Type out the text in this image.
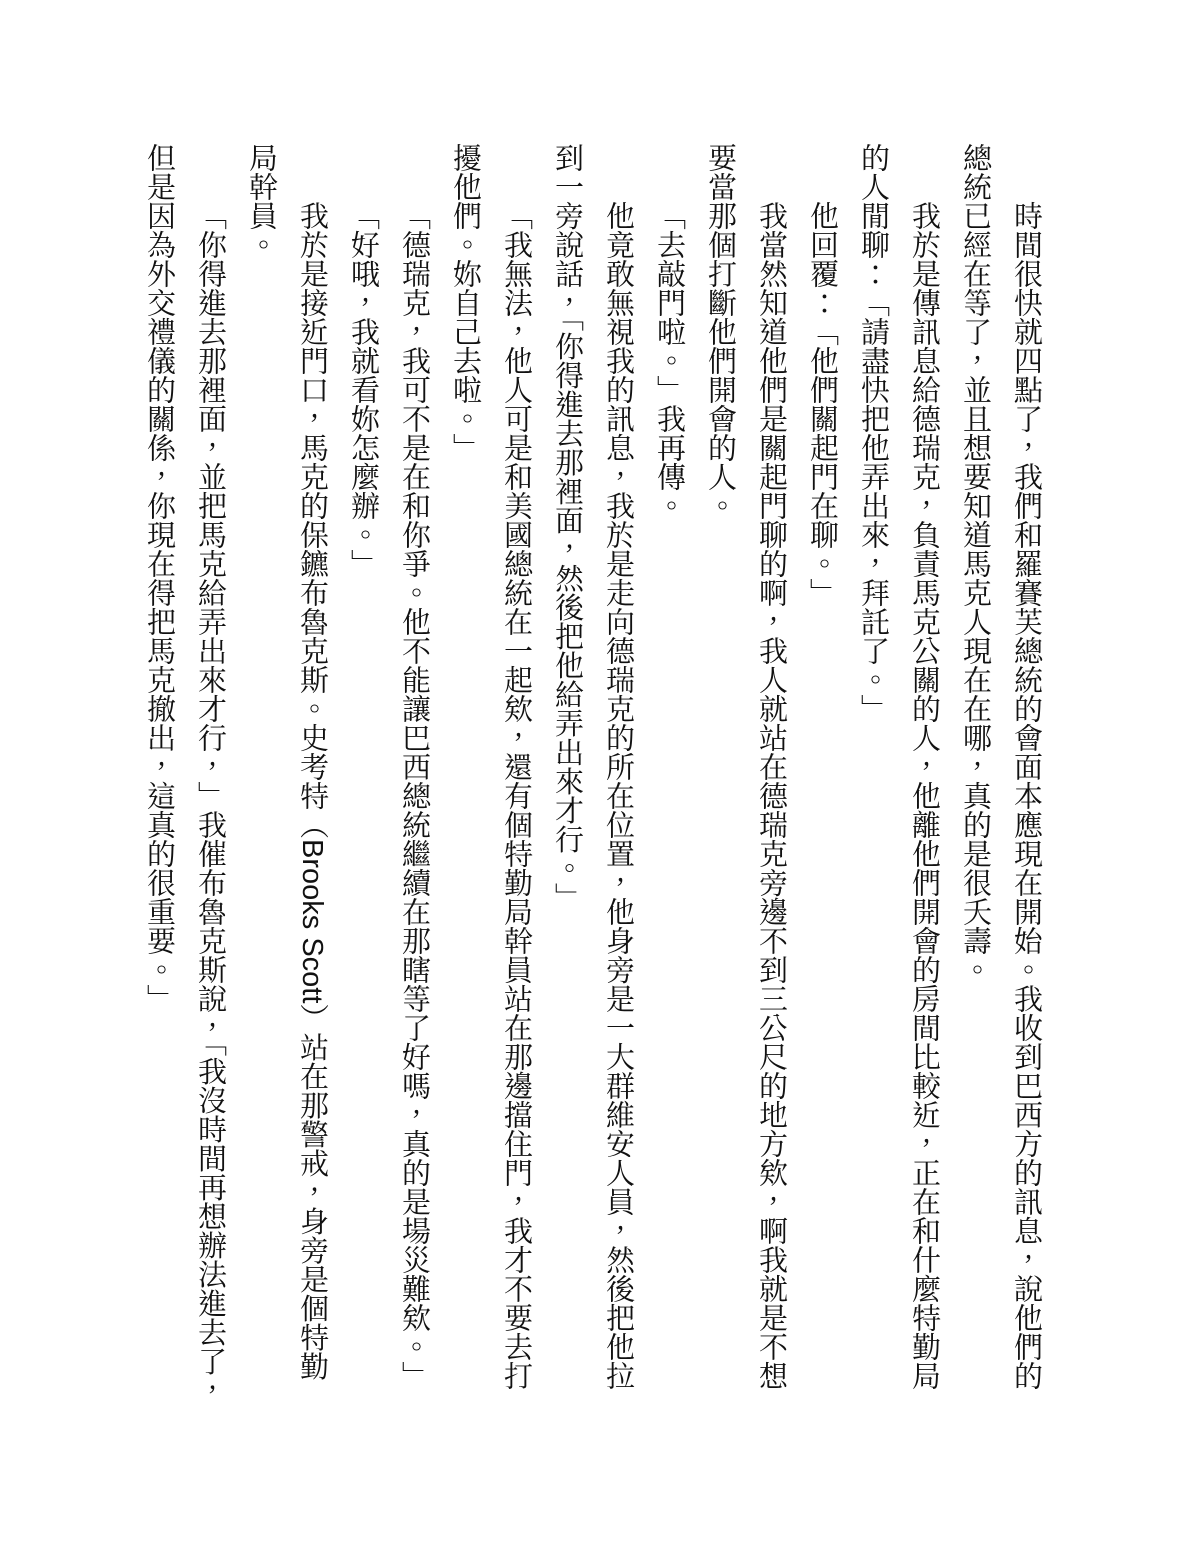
時間很快就四點了，我們和羅賽芙總統的會面本應現在開始。我收到巴西方的訊息，說他們的總統已經在等了，並且想要知道馬克人現在在哪，真的是很夭壽。

我於是傳訊息給德瑞克，負責馬克公關的人，他離他們開會的房間比較近，正在和什麼特勤局的人閒聊：「請盡快把他弄出來，拜託了。」

他回覆：「他們關起門在聊。」

我當然知道他們是關起門聊的啊，我人就站在德瑞克旁邊不到三公尺的地方欸，啊我就是不想要當那個打斷他們開會的人。

「去敲門啦。」我再傳。

他竟敢無視我的訊息，我於是走向德瑞克的所在位置，他身旁是一大群維安人員，然後把他拉到一旁說話，「你得進去那裡面，然後把他給弄出來才行。」

「我無法，他人可是和美國總統在一起欸，還有個特勤局幹員站在那邊擋住門，我才不要去打擾他們。妳自己去啦。」

「德瑞克，我可不是在和你爭。他不能讓巴西總統繼續在那瞎等了好嗎，真的是場災難欸。」

「好哦，我就看妳怎麼辦。」

我於是接近門口，馬克的保鑣布魯克斯。史考特（Brooks Scott）站在那警戒，身旁是個特勤局幹員。

「你得進去那裡面，並把馬克給弄出來才行，」我催布魯克斯說，「我沒時間再想辦法進去了，但是因為外交禮儀的關係，你現在得把馬克撤出，這真的很重要。」
